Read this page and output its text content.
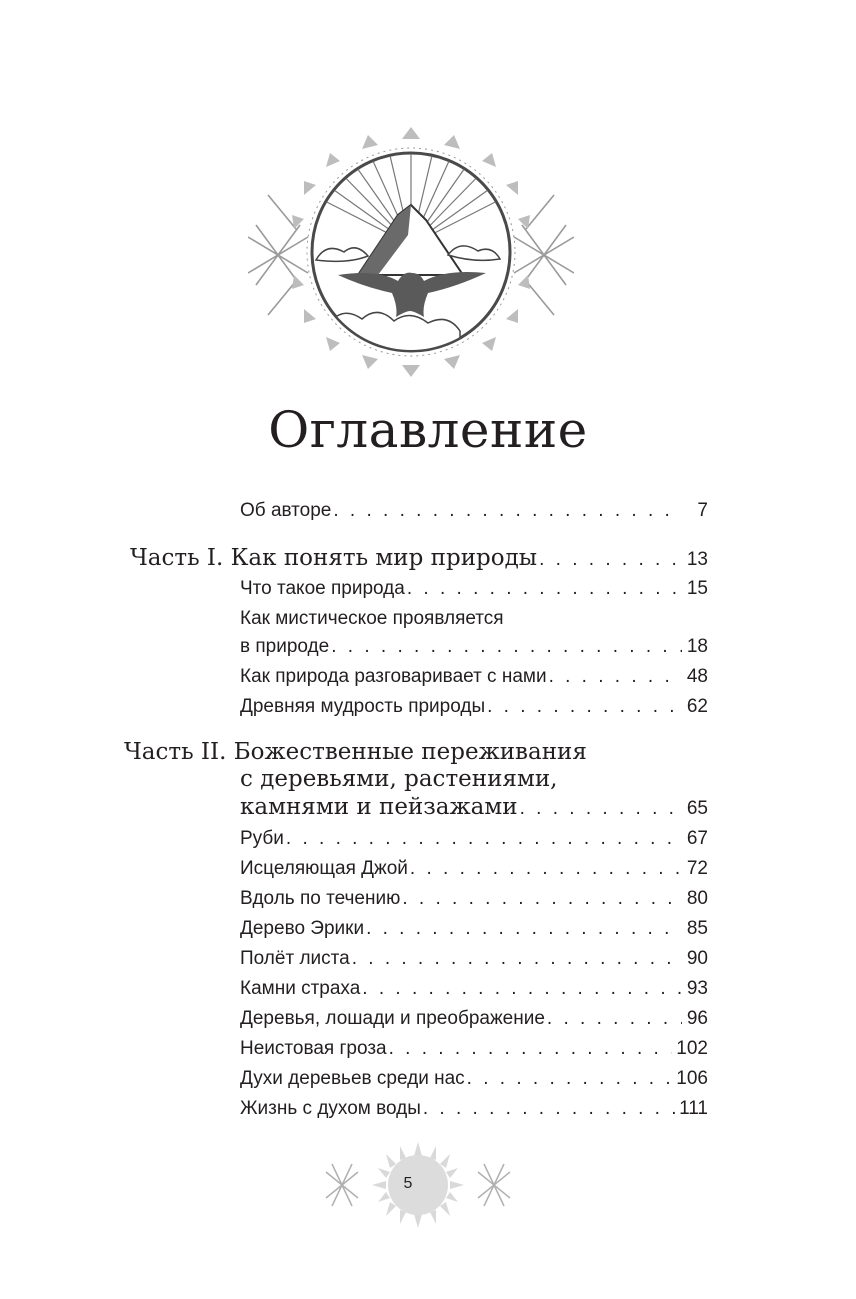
Оглавление
Об авторе . . .	7
Часть I. Как понять мир природы . . .	13
Что такое природа . . .	15
Как мистическое проявляется
в природе . . .	18
Как природа разговаривает с нами . . .	48
Древняя мудрость природы . . .	62
Часть II. Божественные переживания
с деревьями, растениями,
камнями и пейзажами . . .	65
Руби . . .	67
Исцеляющая Джой . . .	72
Вдоль по течению . . .	80
Дерево Эрики . . .	85
Полёт листа . . .	90
Камни страха . . .	93
Деревья, лошади и преображение . . .	96
Неистовая гроза . . .	102
Духи деревьев среди нас . . .	106
Жизнь с духом воды . . .	111
5
